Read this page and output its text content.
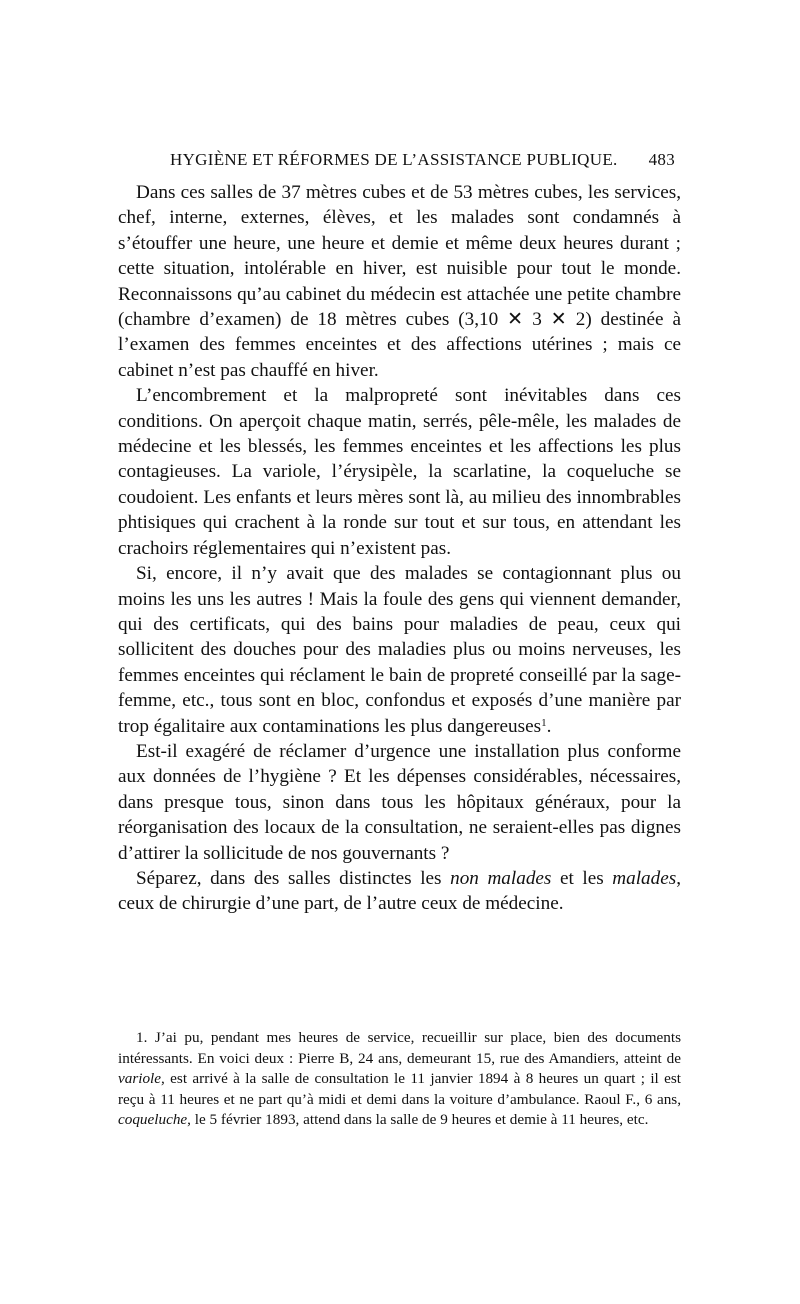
HYGIÈNE ET RÉFORMES DE L’ASSISTANCE PUBLIQUE. 483

Dans ces salles de 37 mètres cubes et de 53 mètres cubes, les services, chef, interne, externes, élèves, et les malades sont condamnés à s’étouffer une heure, une heure et demie et même deux heures durant ; cette situation, intolérable en hiver, est nuisible pour tout le monde. Reconnaissons qu’au cabinet du médecin est attachée une petite chambre (chambre d’examen) de 18 mètres cubes (3,10 ✕ 3 ✕ 2) destinée à l’examen des femmes enceintes et des affections utérines ; mais ce cabinet n’est pas chauffé en hiver.

L’encombrement et la malpropreté sont inévitables dans ces conditions. On aperçoit chaque matin, serrés, pêle-mêle, les malades de médecine et les blessés, les femmes enceintes et les affections les plus contagieuses. La variole, l’érysipèle, la scarlatine, la coqueluche se coudoient. Les enfants et leurs mères sont là, au milieu des innombrables phtisiques qui crachent à la ronde sur tout et sur tous, en attendant les crachoirs réglementaires qui n’existent pas.

Si, encore, il n’y avait que des malades se contagionnant plus ou moins les uns les autres ! Mais la foule des gens qui viennent demander, qui des certificats, qui des bains pour maladies de peau, ceux qui sollicitent des douches pour des maladies plus ou moins nerveuses, les femmes enceintes qui réclament le bain de propreté conseillé par la sage-femme, etc., tous sont en bloc, confondus et exposés d’une manière par trop égalitaire aux contaminations les plus dangereuses$^1$.

Est-il exagéré de réclamer d’urgence une installation plus conforme aux données de l’hygiène ? Et les dépenses considérables, nécessaires, dans presque tous, sinon dans tous les hôpitaux généraux, pour la réorganisation des locaux de la consultation, ne seraient-elles pas dignes d’attirer la sollicitude de nos gouvernants ?

Séparez, dans des salles distinctes les non malades et les malades, ceux de chirurgie d’une part, de l’autre ceux de médecine.

1. J’ai pu, pendant mes heures de service, recueillir sur place, bien des documents intéressants. En voici deux : Pierre B, 24 ans, demeurant 15, rue des Amandiers, atteint de variole, est arrivé à la salle de consultation le 11 janvier 1894 à 8 heures un quart ; il est reçu à 11 heures et ne part qu’à midi et demi dans la voiture d’ambulance. Raoul F., 6 ans, coqueluche, le 5 février 1893, attend dans la salle de 9 heures et demie à 11 heures, etc.
